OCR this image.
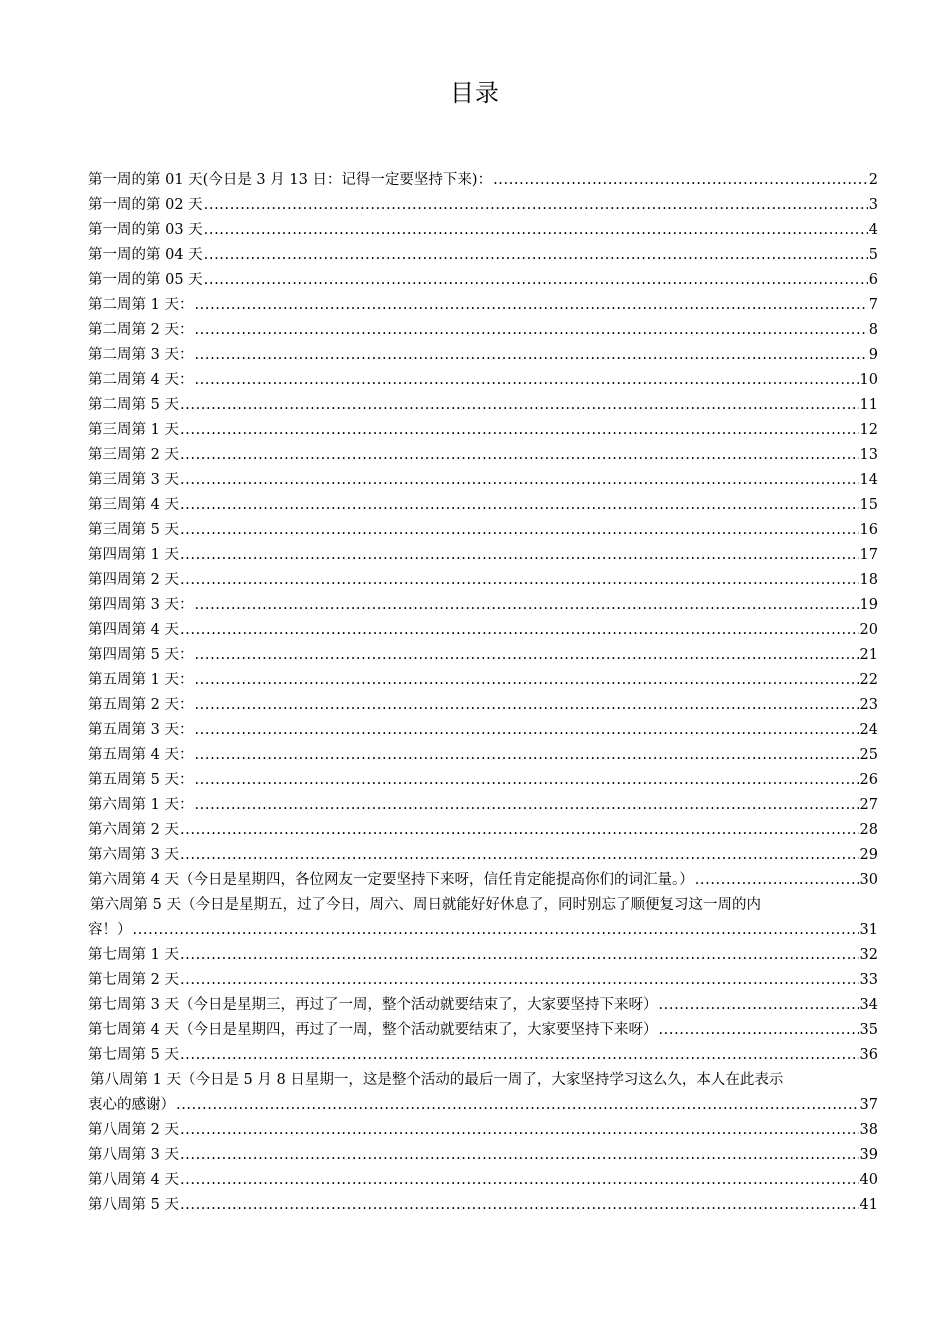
目录
第一周的第 01 天(今日是 3 月 13 日：记得一定要坚持下来)： .....	2
第一周的第 02 天 .....	3
第一周的第 03 天 .....	4
第一周的第 04 天 .....	5
第一周的第 05 天 .....	6
第二周第 1 天： .....	7
第二周第 2 天： .....	8
第二周第 3 天： .....	9
第二周第 4 天： .....	10
第二周第 5 天 .....	11
第三周第 1 天 .....	12
第三周第 2 天 .....	13
第三周第 3 天 .....	14
第三周第 4 天 .....	15
第三周第 5 天 .....	16
第四周第 1 天 .....	17
第四周第 2 天 .....	18
第四周第 3 天： .....	19
第四周第 4 天 .....	20
第四周第 5 天： .....	21
第五周第 1 天： .....	22
第五周第 2 天： .....	23
第五周第 3 天： .....	24
第五周第 4 天： .....	25
第五周第 5 天： .....	26
第六周第 1 天： .....	27
第六周第 2 天 .....	28
第六周第 3 天 .....	29
第六周第 4 天（今日是星期四，各位网友一定要坚持下来呀，信任肯定能提高你们的词汇量。） .....	30
第六周第 5 天（今日是星期五，过了今日，周六、周日就能好好休息了，同时别忘了顺便复习这一周的内
容！） .....	31
第七周第 1 天 .....	32
第七周第 2 天 .....	33
第七周第 3 天（今日是星期三，再过了一周，整个活动就要结束了，大家要坚持下来呀） .....	34
第七周第 4 天（今日是星期四，再过了一周，整个活动就要结束了，大家要坚持下来呀） .....	35
第七周第 5 天 .....	36
第八周第 1 天（今日是 5 月 8 日星期一，这是整个活动的最后一周了，大家坚持学习这么久，本人在此表示
衷心的感谢） .....	37
第八周第 2 天 .....	38
第八周第 3 天 .....	39
第八周第 4 天 .....	40
第八周第 5 天 .....	41
